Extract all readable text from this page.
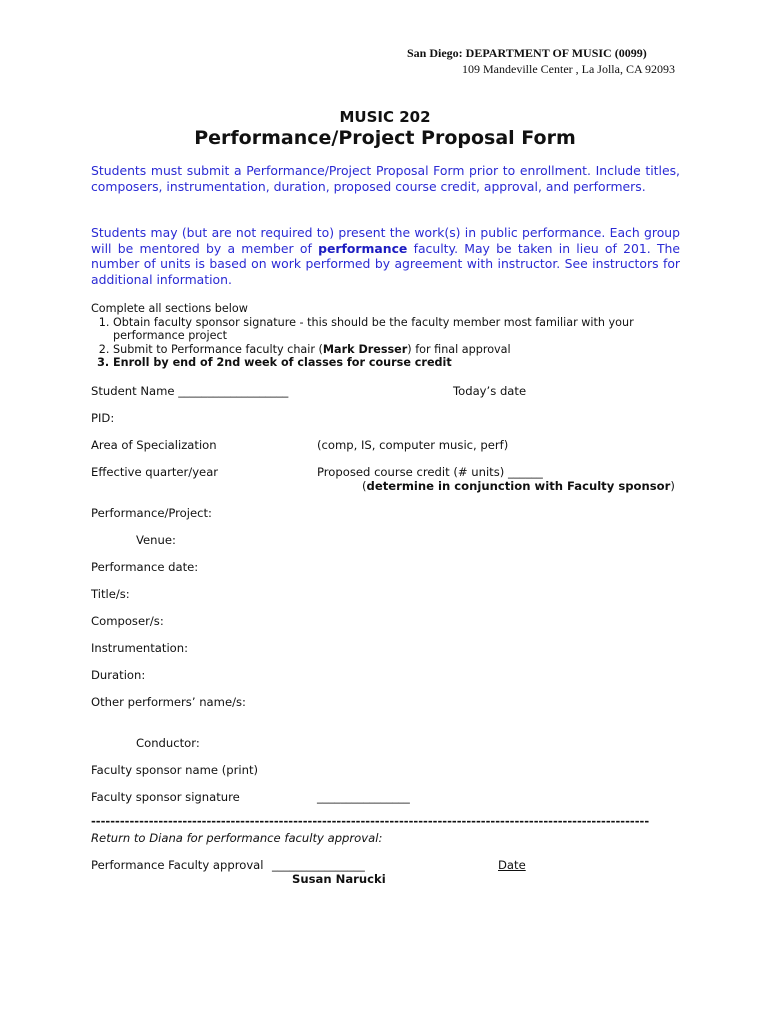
San Diego: DEPARTMENT OF MUSIC (0099)
109 Mandeville Center , La Jolla, CA 92093
MUSIC 202
Performance/Project Proposal Form
Students must submit a Performance/Project Proposal Form prior to enrollment. Include titles, composers, instrumentation, duration, proposed course credit, approval, and performers.
Students may (but are not required to) present the work(s) in public performance. Each group will be mentored by a member of performance faculty. May be taken in lieu of 201. The number of units is based on work performed by agreement with instructor. See instructors for additional information.
Complete all sections below
1. Obtain faculty sponsor signature - this should be the faculty member most familiar with your performance project
2. Submit to Performance faculty chair (Mark Dresser) for final approval
3. Enroll by end of 2nd week of classes for course credit
Student Name ___________________	Today’s date
PID:
Area of Specialization	(comp, IS, computer music, perf)
Effective quarter/year	Proposed course credit (# units) ______
(determine in conjunction with Faculty sponsor)
Performance/Project:
Venue:
Performance date:
Title/s:
Composer/s:
Instrumentation:
Duration:
Other performers’ name/s:
Conductor:
Faculty sponsor name (print)
Faculty sponsor signature	________________
--------------------------------------------------------------------------------------------------------------------
Return to Diana for performance faculty approval:
Performance Faculty approval ________________	Date
Susan Narucki
